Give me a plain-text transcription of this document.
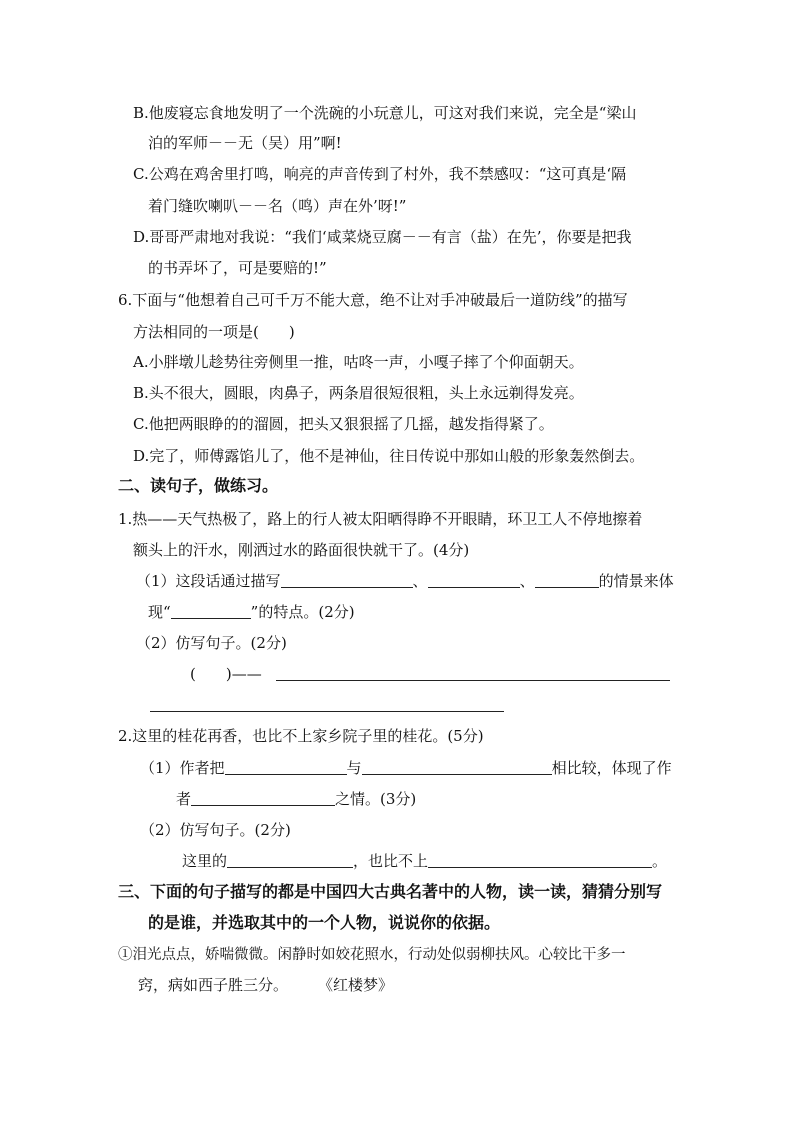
B.他废寝忘食地发明了一个洗碗的小玩意儿，可这对我们来说，完全是“梁山
泊的军师－－无（吴）用”啊!
C.公鸡在鸡舍里打鸣，响亮的声音传到了村外，我不禁感叹：“这可真是‘隔
着门缝吹喇叭－－名（鸣）声在外’呀!”
D.哥哥严肃地对我说：“我们‘咸菜烧豆腐－－有言（盐）在先’，你要是把我
的书弄坏了，可是要赔的!”
6.下面与“他想着自己可千万不能大意，绝不让对手冲破最后一道防线”的描写
方法相同的一项是(　　)
A.小胖墩儿趁势往旁侧里一推，咕咚一声，小嘎子摔了个仰面朝天。
B.头不很大，圆眼，肉鼻子，两条眉很短很粗，头上永远剃得发亮。
C.他把两眼睁的的溜圆，把头又狠狠摇了几摇，越发指得紧了。
D.完了，师傅露馅儿了，他不是神仙，往日传说中那如山般的形象轰然倒去。
二、读句子，做练习。
1.热——天气热极了，路上的行人被太阳晒得睁不开眼睛，环卫工人不停地擦着
额头上的汗水，刚洒过水的路面很快就干了。(4分)
（1）这段话通过描写	、	、	的情景来体
现“	”的特点。(2分)
（2）仿写句子。(2分)
(　　)——
2.这里的桂花再香，也比不上家乡院子里的桂花。(5分)
（1）作者把	与	相比较，体现了作
者	之情。(3分)
（2）仿写句子。(2分)
这里的	，也比不上	。
三、下面的句子描写的都是中国四大古典名著中的人物，读一读，猜猜分别写
的是谁，并选取其中的一个人物，说说你的依据。
①泪光点点，娇喘微微。闲静时如姣花照水，行动处似弱柳扶风。心较比干多一
窍，病如西子胜三分。 《红楼梦》
